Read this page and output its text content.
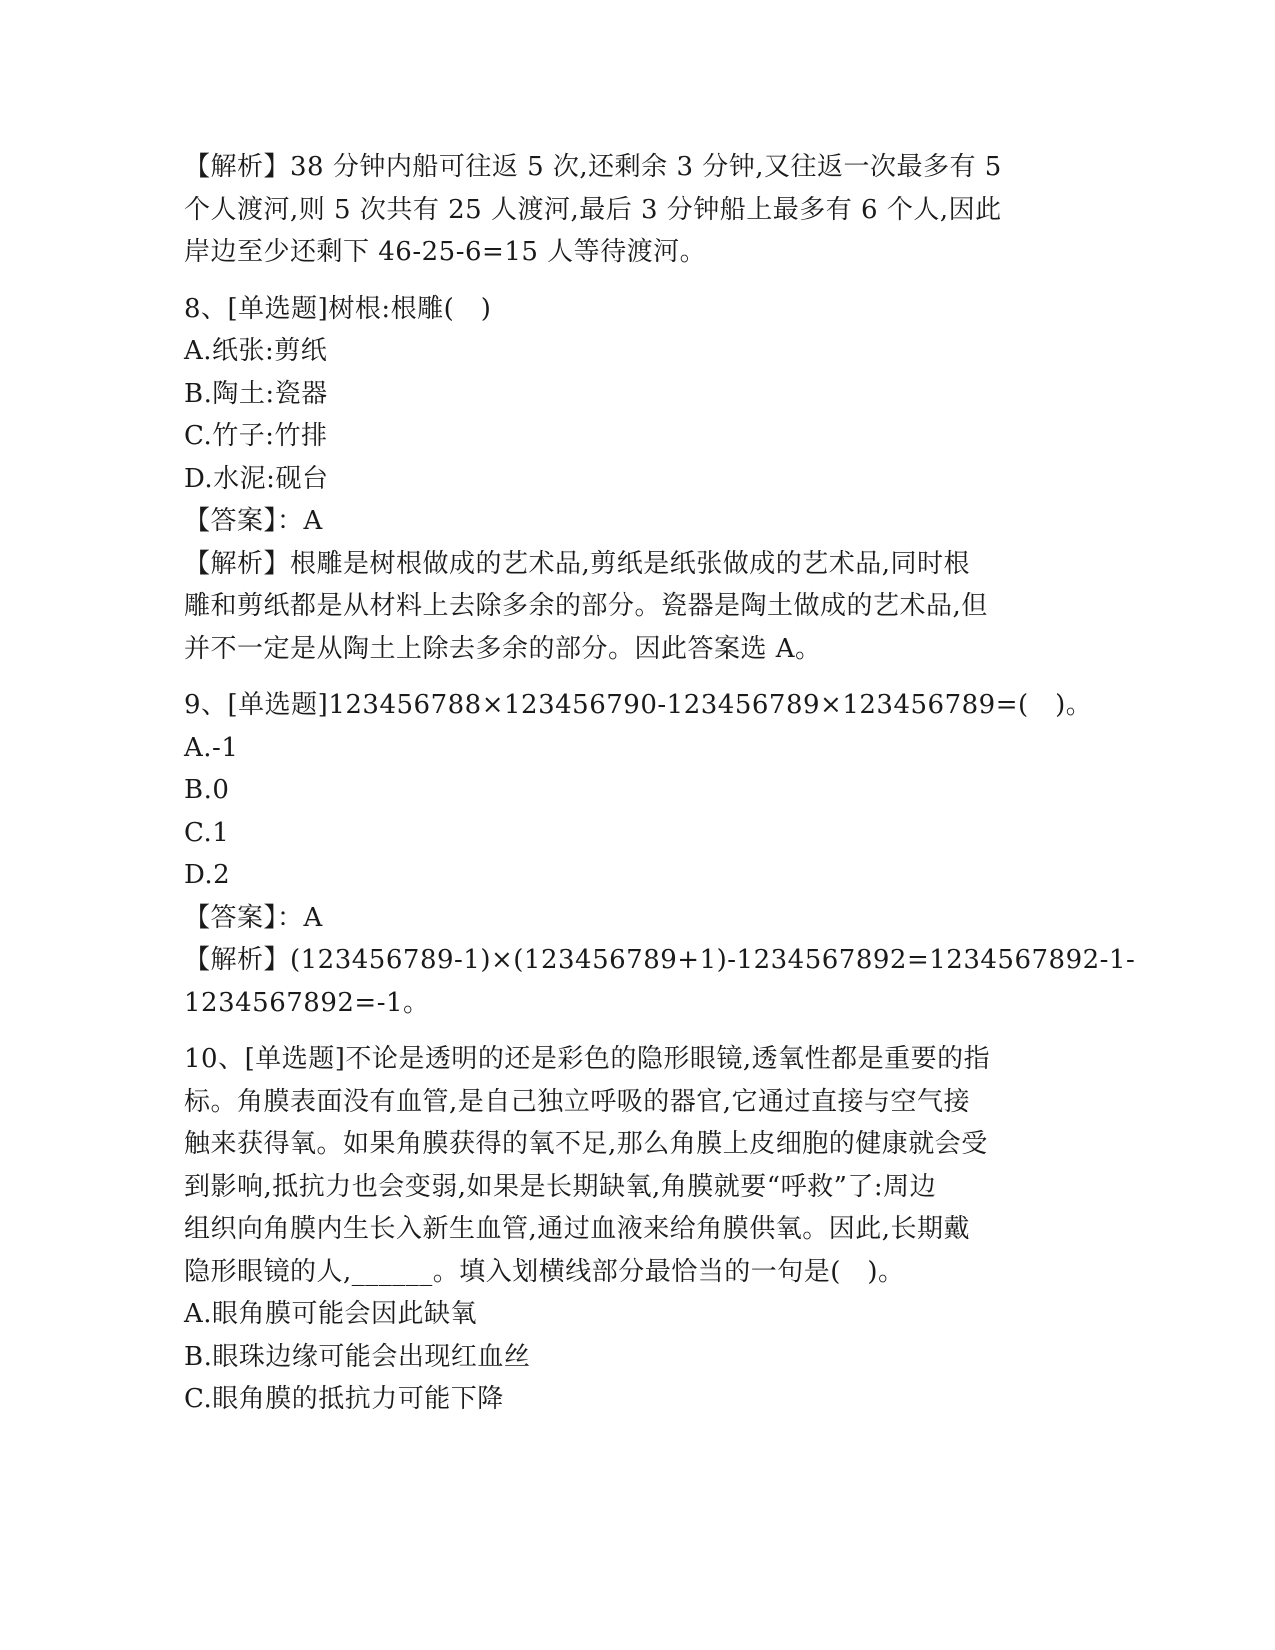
【解析】38 分钟内船可往返 5 次,还剩余 3 分钟,又往返一次最多有 5
个人渡河,则 5 次共有 25 人渡河,最后 3 分钟船上最多有 6 个人,因此
岸边至少还剩下 46-25-6=15 人等待渡河。
8、[单选题]树根:根雕(　)
A.纸张:剪纸
B.陶土:瓷器
C.竹子:竹排
D.水泥:砚台
【答案】：A
【解析】根雕是树根做成的艺术品,剪纸是纸张做成的艺术品,同时根
雕和剪纸都是从材料上去除多余的部分。瓷器是陶土做成的艺术品,但
并不一定是从陶土上除去多余的部分。因此答案选 A。
9、[单选题]123456788×123456790-123456789×123456789=(　)。
A.-1
B.0
C.1
D.2
【答案】：A
【解析】(123456789-1)×(123456789+1)-1234567892=1234567892-1-
1234567892=-1。
10、[单选题]不论是透明的还是彩色的隐形眼镜,透氧性都是重要的指
标。角膜表面没有血管,是自己独立呼吸的器官,它通过直接与空气接
触来获得氧。如果角膜获得的氧不足,那么角膜上皮细胞的健康就会受
到影响,抵抗力也会变弱,如果是长期缺氧,角膜就要“呼救”了:周边
组织向角膜内生长入新生血管,通过血液来给角膜供氧。因此,长期戴
隐形眼镜的人,______。填入划横线部分最恰当的一句是(　)。
A.眼角膜可能会因此缺氧
B.眼珠边缘可能会出现红血丝
C.眼角膜的抵抗力可能下降
